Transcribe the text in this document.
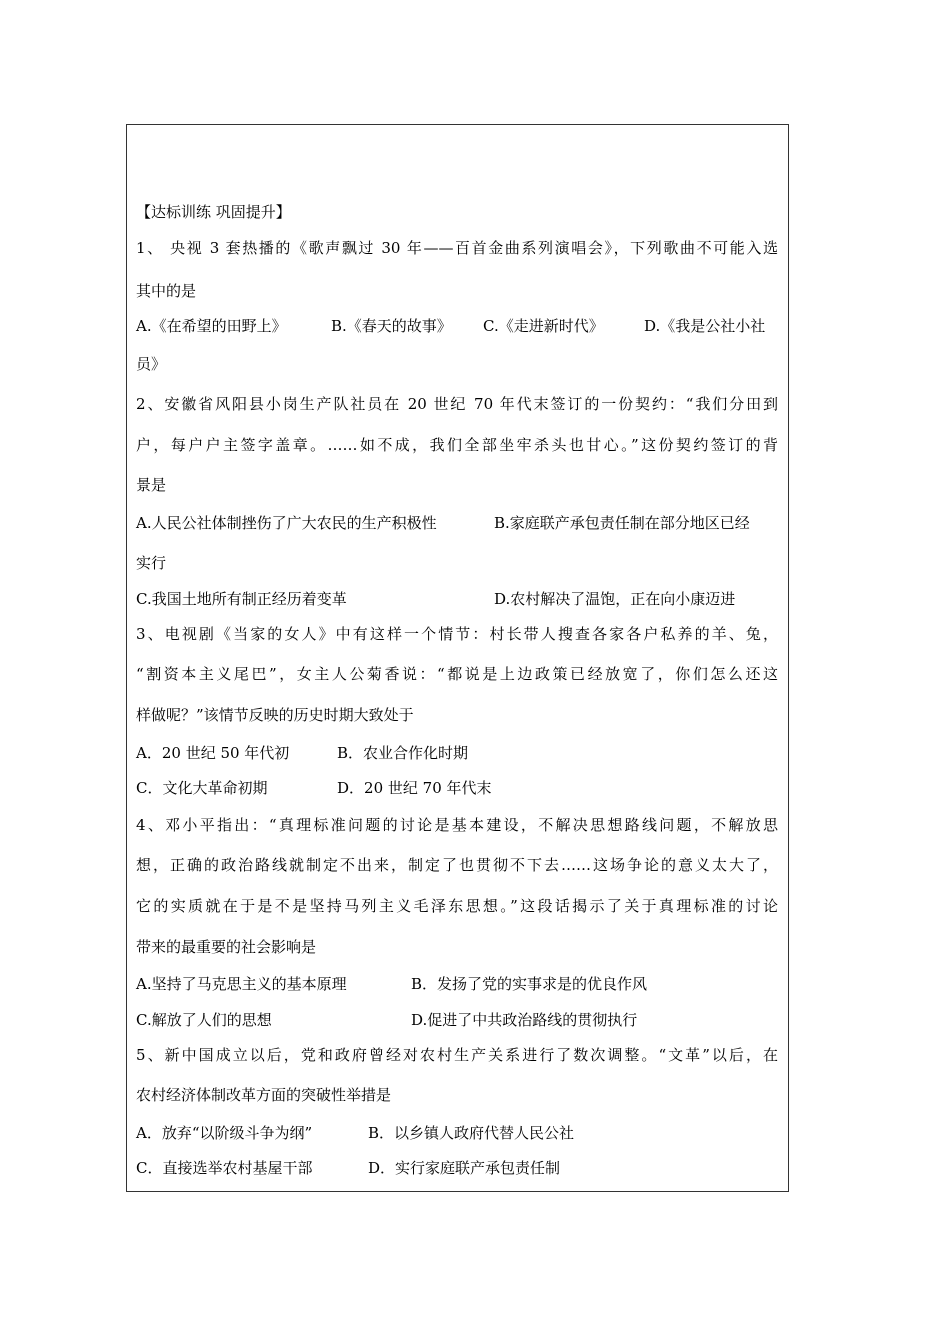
【达标训练 巩固提升】
1、 央视 3 套热播的《歌声飘过 30 年——百首金曲系列演唱会》，下列歌曲不可能入选
其中的是
A.《在希望的田野上》	B.《春天的故事》 C.《走进新时代》	D.《我是公社小社
员》
2、安徽省风阳县小岗生产队社员在 20 世纪 70 年代末签订的一份契约：“我们分田到
户，每户户主签字盖章。……如不成，我们全部坐牢杀头也甘心。”这份契约签订的背
景是
A.人民公社体制挫伤了广大农民的生产积极性	B.家庭联产承包责任制在部分地区已经
实行
C.我国土地所有制正经历着变革	D.农村解决了温饱，正在向小康迈进
3、电视剧《当家的女人》中有这样一个情节：村长带人搜查各家各户私养的羊、兔，
“割资本主义尾巴”，女主人公菊香说：“都说是上边政策已经放宽了，你们怎么还这
样做呢？”该情节反映的历史时期大致处于
A．20 世纪 50 年代初	B．农业合作化时期
C．文化大革命初期	D．20 世纪 70 年代末
4、邓小平指出：“真理标准问题的讨论是基本建设，不解决思想路线问题，不解放思
想，正确的政治路线就制定不出来，制定了也贯彻不下去……这场争论的意义太大了，
它的实质就在于是不是坚持马列主义毛泽东思想。”这段话揭示了关于真理标准的讨论
带来的最重要的社会影响是
A.坚持了马克思主义的基本原理	B．发扬了党的实事求是的优良作风
C.解放了人们的思想	D.促进了中共政治路线的贯彻执行
5、新中国成立以后，党和政府曾经对农村生产关系进行了数次调整。“文革”以后，在
农村经济体制改革方面的突破性举措是
A．放弃“以阶级斗争为纲”	B．以乡镇人政府代替人民公社
C．直接选举农村基屋干部	D．实行家庭联产承包责任制
